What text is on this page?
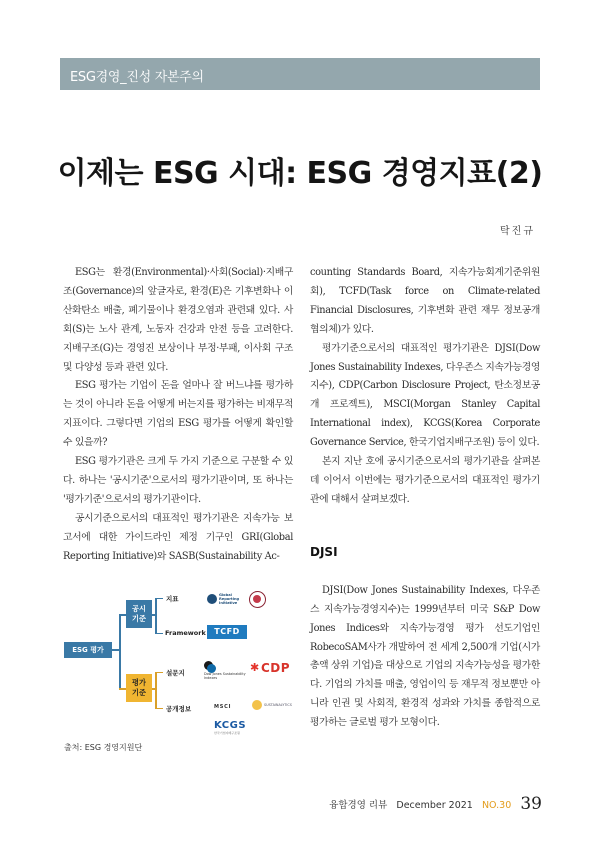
ESG경영_진성 자본주의
이제는 ESG 시대: ESG 경영지표(2)
탁진규

ESG는 환경(Environmental)·사회(Social)·지배구조(Governance)의 앞글자로, 환경(E)은 기후변화나 이산화탄소 배출, 폐기물이나 환경오염과 관련돼 있다. 사회(S)는 노사 관계, 노동자 건강과 안전 등을 고려한다. 지배구조(G)는 경영진 보상이나 부정·부패, 이사회 구조 및 다양성 등과 관련 있다.

ESG 평가는 기업이 돈을 얼마나 잘 버느냐를 평가하는 것이 아니라 돈을 어떻게 버는지를 평가하는 비재무적 지표이다. 그렇다면 기업의 ESG 평가를 어떻게 확인할 수 있을까?

ESG 평가기관은 크게 두 가지 기준으로 구분할 수 있다. 하나는 '공시기준'으로서의 평가기관이며, 또 하나는 '평가기준'으로서의 평가기관이다.

공시기준으로서의 대표적인 평가기관은 지속가능 보고서에 대한 가이드라인 제정 기구인 GRI(Global Reporting Initiative)와 SASB(Sustainability Ac-

counting Standards Board, 지속가능회계기준위원회), TCFD(Task force on Climate-related Financial Disclosures, 기후변화 관련 재무 정보공개 협의체)가 있다.

평가기준으로서의 대표적인 평가기관은 DJSI(Dow Jones Sustainability Indexes, 다우존스 지속가능경영지수), CDP(Carbon Disclosure Project, 탄소정보공개 프로젝트), MSCI(Morgan Stanley Capital International index), KCGS(Korea Corporate Governance Service, 한국기업지배구조원) 등이 있다.

본지 지난 호에 공시기준으로서의 평가기관을 살펴본 데 이어서 이번에는 평가기준으로서의 대표적인 평가기관에 대해서 살펴보겠다.

DJSI

DJSI(Dow Jones Sustainability Indexes, 다우존스 지속가능경영지수)는 1999년부터 미국 S&P Dow Jones Indices와 지속가능경영 평가 선도기업인 RobecoSAM사가 개발하여 전 세계 2,500개 기업(시가총액 상위 기업)을 대상으로 기업의 지속가능성을 평가한다. 기업의 가치를 매출, 영업이익 등 재무적 정보뿐만 아니라 인권 및 사회적, 환경적 성과와 가치를 종합적으로 평가하는 글로벌 평가 모형이다.

ESG 평가
공시
기준
평가
기준
지표
Framework
설문지
공개정보
Global Reporting Initiative
TCFD
Dow Jones Sustainability Indexes
✱ CDP
MSCI	SUSTAINALYTICS
KCGS
한국기업지배구조원
출처: ESG 경영지원단
융합경영 리뷰 December 2021 NO.30 39
